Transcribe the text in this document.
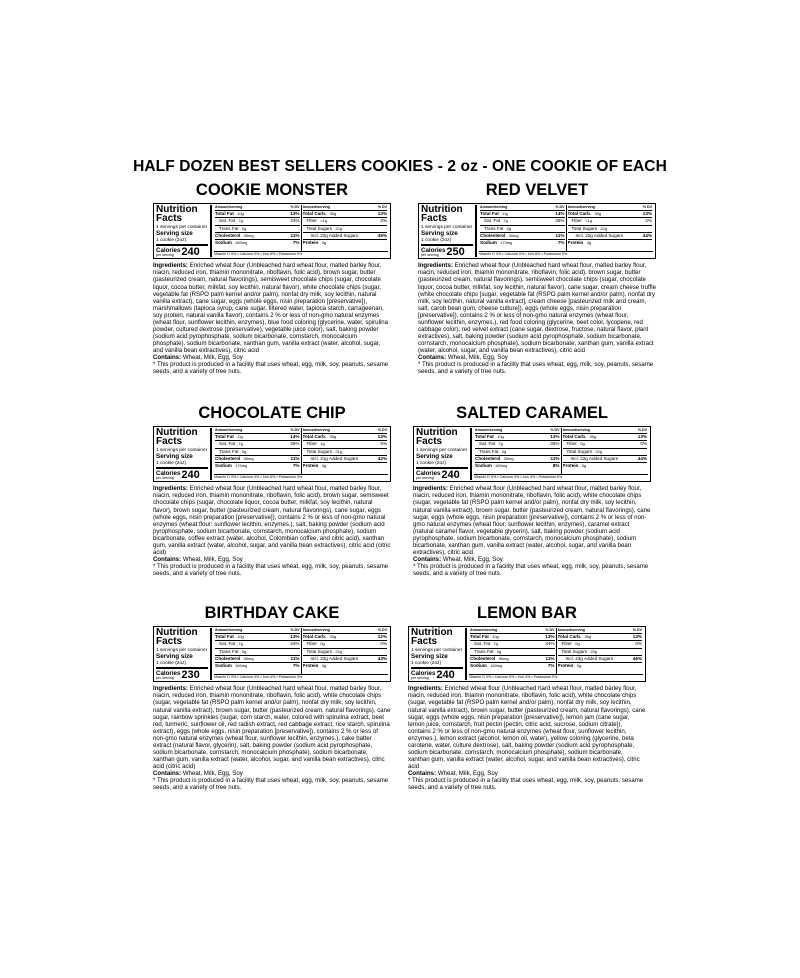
HALF DOZEN BEST SELLERS COOKIES - 2 oz - ONE COOKIE OF EACH
COOKIE MONSTER
Nutrition Facts
1 servings per container
Serving size
1 cookie (2oz)
Calories
per serving 240
Amount/serving	% DV
Total Fat 10g	13%
Sat. Fat 7g	33%
Trans Fat 0g
Cholesterol 35mg	11%
Sodium 160mg	7%
Amount/serving	% DV
Total Carb. 35g	13%
Fiber <1g	2%
Total Sugars 22g
Incl. 22g Added Sugars	45%
Protein 3g
Vitamin D 0% • Calcium 0% • Iron 6% • Potassium 0%
Ingredients: Enriched wheat flour (Unbleached hard wheat flour, malted barley flour, niacin, reduced iron, thiamin mononitrate, riboflavin, folic acid), brown sugar, butter (pasteurized cream, natural flavorings), semisweet chocolate chips (sugar, chocolate liquor, cocoa butter, milkfat, soy lecithin, natural flavor), white chocolate chips (sugar, vegetable fat (RSPO palm kernel and/or palm), nonfat dry milk, soy lecithin, natural vanilla extract), cane sugar, eggs (whole eggs, nisin preparation [preservative]), marshmallows (tapioca syrup, cane sugar, filtered water, tapioca starch, carrageenan, soy protein, natural vanilla flavor), contains 2 % or less of non-gmo natural enzymes (wheat flour, sunflower lecithin, enzymes), blue food coloring (glycerine, water, spirulina powder, cultured dextrose (preservative), vegetable juice color), salt, baking powder (sodium acid pyrophosphate, sodium bicarbonate, cornstarch, monocalcium phosphate), sodium bicarbonate, xanthan gum, vanilla extract (water, alcohol, sugar, and vanilla bean extractives), citric acid
Contains: Wheat, Milk, Egg, Soy
* This product is produced in a facility that uses wheat, egg, milk, soy, peanuts, sesame seeds, and a variety of tree nuts.
RED VELVET
Nutrition Facts
1 servings per container
Serving size
1 cookie (2oz)
Calories
per serving 250
Amount/serving	% DV
Total Fat 11g	14%
Sat. Fat 7g	35%
Trans Fat 0g
Cholesterol 30mg	11%
Sodium 170mg	7%
Amount/serving	% DV
Total Carb. 35g	13%
Fiber <1g	2%
Total Sugars 22g
Incl. 22g Added Sugars	44%
Protein 3g
Vitamin D 0% • Calcium 0% • Iron 6% • Potassium 0%
Ingredients: Enriched wheat flour (Unbleached hard wheat flour, malted barley flour, niacin, reduced iron, thiamin mononitrate, riboflavin, folic acid), brown sugar, butter (pasteurized cream, natural flavorings), semisweet chocolate chips (sugar, chocolate liquor, cocoa butter, milkfat, soy lecithin, natural flavor), cane sugar, cream cheese truffle (white chocolate chips [sugar, vegetable fat (RSPO palm kernel and/or palm), nonfat dry milk, soy lecithin, natural vanilla extract], cream cheese [pasteurized milk and cream, salt, carob bean gum, cheese culture]), eggs (whole eggs, nisin preparation [preservative]), contains 2 % or less of non-gmo natural enzymes (wheat flour, sunflower lecithin, enzymes.), red food coloring (glycerine, beet color, lycopene, red cabbage color), red velvet extract (cane sugar, dextrose, fructose, natural flavor, plant extractives), salt, baking powder (sodium acid pyrophosphate, sodium bicarbonate, cornstarch, monocalcium phosphate), sodium bicarbonate, xanthan gum, vanilla extract (water, alcohol, sugar, and vanilla bean extractives), citric acid
Contains: Wheat, Milk, Egg, Soy
* This product is produced in a facility that uses wheat, egg, milk, soy, peanuts, sesame seeds, and a variety of tree nuts.
CHOCOLATE CHIP
Nutrition Facts
1 servings per container
Serving size
1 cookie (2oz)
Calories
per serving 240
Amount/serving	% DV
Total Fat 11g	14%
Sat. Fat 7g	35%
Trans Fat 0g
Cholesterol 35mg	11%
Sodium 170mg	7%
Amount/serving	% DV
Total Carb. 35g	13%
Fiber 1g	5%
Total Sugars 21g
Incl. 21g Added Sugars	42%
Protein 3g
Vitamin D 0% • Calcium 0% • Iron 6% • Potassium 0%
Ingredients: Enriched wheat flour (Unbleached hard wheat flour, malted barley flour, niacin, reduced iron, thiamin mononitrate, riboflavin, folic acid), brown sugar, semisweet chocolate chips (sugar, chocolate liquor, cocoa butter, milkfat, soy lecithin, natural flavor), brown sugar, butter (pasteurized cream, natural flavorings), cane sugar, eggs (whole eggs, nisin preparation [preservative]), contains 2 % or less of non-gmo natural enzymes (wheat flour: sunflower lecithin, enzymes.), salt, baking powder (sodium acid pyrophosphate, sodium bicarbonate, cornstarch, monocalcium phosphate), sodium bicarbonate, coffee extract (water, alcohol, Colombian coffee, and citric acid), xanthan gum, vanilla extract (water, alcohol, sugar, and vanilla bean extractives), citric acid (citric acid)
Contains: Wheat, Milk, Egg, Soy
* This product is produced in a facility that uses wheat, egg, milk, soy, peanuts, sesame seeds, and a variety of tree nuts.
SALTED CARAMEL
Nutrition Facts
1 servings per container
Serving size
1 cookie (2oz)
Calories
per serving 240
Amount/serving	% DV
Total Fat 10g	13%
Sat. Fat 7g	35%
Trans Fat 0g
Cholesterol 35mg	11%
Sodium 180mg	8%
Amount/serving	% DV
Total Carb. 35g	13%
Fiber 0g	0%
Total Sugars 22g
Incl. 22g Added Sugars	44%
Protein 3g
Vitamin D 0% • Calcium 0% • Iron 4% • Potassium 0%
Ingredients: Enriched wheat flour (Unbleached hard wheat flour, malted barley flour, niacin, reduced iron, thiamin mononitrate, riboflavin, folic acid), white chocolate chips (sugar, vegetable fat (RSPO palm kernel and/or palm), nonfat dry milk, soy lecithin, natural vanilla extract), brown sugar, butter (pasteurized cream, natural flavorings), cane sugar, eggs (whole eggs, nisin preparation [preservative]), contains 2 % or less of non-gmo natural enzymes (wheat flour, sunflower lecithin, enzymes), caramel extract (natural caramel flavor, vegetable glycerin), salt, baking powder (sodium acid pyrophosphate, sodium bicarbonate, cornstarch, monocalcium phosphate), sodium bicarbonate, xanthan gum, vanilla extract (water, alcohol, sugar, and vanilla bean extractives), citric acid
Contains: Wheat, Milk, Egg, Soy
* This product is produced in a facility that uses wheat, egg, milk, soy, peanuts, sesame seeds, and a variety of tree nuts.
BIRTHDAY CAKE
Nutrition Facts
1 servings per container
Serving size
1 cookie (2oz)
Calories
per serving 230
Amount/serving	% DV
Total Fat 10g	13%
Sat. Fat 7g	34%
Trans Fat 0g
Cholesterol 35mg	11%
Sodium 160mg	7%
Amount/serving	% DV
Total Carb. 33g	12%
Fiber 0g	0%
Total Sugars 22g
Incl. 22g Added Sugars	43%
Protein 3g
Vitamin D 0% • Calcium 0% • Iron 4% • Potassium 0%
Ingredients: Enriched wheat flour (Unbleached hard wheat flour, malted barley flour, niacin, reduced iron, thiamin mononitrate, riboflavin, folic acid), white chocolate chips (sugar, vegetable fat (RSPO palm kernel and/or palm), nonfat dry milk, soy lecithin, natural vanilla extract), brown sugar, butter (pasteurized cream, natural flavorings), cane sugar, rainbow sprinkles (sugar, corn starch, water, colored with spirulina extract, beet red, turmeric, sunflower oil, red radish extract, red cabbage extract, rice starch, spirulina extract), eggs (whole eggs, nisin preparation [preservative]), contains 2 % or less of non-gmo natural enzymes (wheat flour, sunflower lecithin, enzymes.), cake batter extract (natural flavor, glycerin), salt, baking powder (sodium acid pyrophosphate, sodium bicarbonate, cornstarch, monocalcium phosphate), sodium bicarbonate, xanthan gum, vanilla extract (water, alcohol, sugar, and vanilla bean extractives), citric acid (citric acid)
Contains: Wheat, Milk, Egg, Soy
* This product is produced in a facility that uses wheat, egg, milk, soy, peanuts, sesame seeds, and a variety of tree nuts.
LEMON BAR
Nutrition Facts
1 servings per container
Serving size
1 cookie (2oz)
Calories
per serving 240
Amount/serving	% DV
Total Fat 10g	13%
Sat. Fat 7g	34%
Trans Fat 0g
Cholesterol 90mg	11%
Sodium 160mg	7%
Amount/serving	% DV
Total Carb. 35g	13%
Fiber 0g	0%
Total Sugars 23g
Incl. 23g Added Sugars	46%
Protein 3g
Vitamin D 0% • Calcium 0% • Iron 4% • Potassium 0%
Ingredients: Enriched wheat flour (Unbleached hard wheat flour, malted barley flour, niacin, reduced iron, thiamin mononitrate, riboflavin, folic acid), white chocolate chips (sugar, vegetable fat (RSPO palm kernel and/or palm), nonfat dry milk, soy lecithin, natural vanilla extract), brown sugar, butter (pasteurized cream, natural flavorings), cane sugar, eggs (whole eggs, nisin preparation [preservative]), lemon jam (cane sugar, lemon juice, cornstarch, fruit pectin [pectin, citric acid, sucrose, sodium citrate]), contains 2 % or less of non-gmo natural enzymes (wheat flour, sunflower lecithin, enzymes.), lemon extract (alcohol, lemon oil, water), yellow coloring (glycerine, beta carotene, water, culture dextrose), salt, baking powder (sodium acid pyrophosphate, sodium bicarbonate, cornstarch, monocalcium phosphate), sodium bicarbonate, xanthan gum, vanilla extract (water, alcohol, sugar, and vanilla bean extractives), citric acid
Contains: Wheat, Milk, Egg, Soy
* This product is produced in a facility that uses wheat, egg, milk, soy, peanuts, sesame seeds, and a variety of tree nuts.
